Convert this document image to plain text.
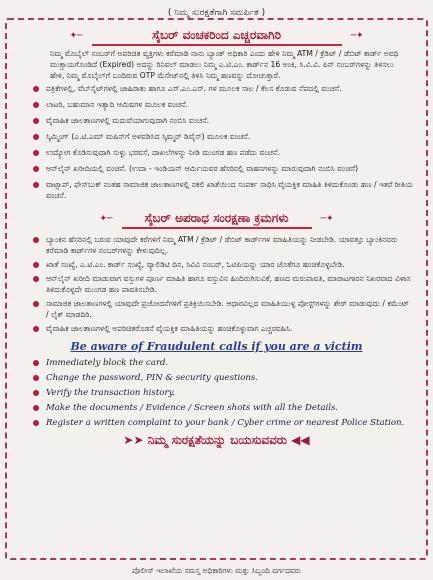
( ನಿಮ್ಮ ಸುರಕ್ಷತೆಗಾಗಿ ಸಮರ್ಪಿತ )
✦─	ಸೈಬರ್ ವಂಚಕರಿಂದ ಎಚ್ಚರವಾಗಿರಿ	─✦
ನಿಮ್ಮ ಮೊಬೈಲ್ ನಂಬರ್‌ಗೆ ಅಪರಿಚಿತ ವ್ಯಕ್ತಿಗಳು ಕರೆಮಾಡಿ ನಾನು ಬ್ಯಾಂಕ್ ಅಧಿಕಾರಿ ಎಂದು ಹೇಳಿ ನಿಮ್ಮ ATM / ಕ್ರೆಡಿಟ್ / ಡೆಬಿಟ್ ಕಾರ್ಡ್ ಅವಧಿ ಮುಕ್ತಾಯಗೊಂಡಿದೆ (Expired) ಅದನ್ನು ರಿನಿವಲ್ ಮಾಡಲು ನಿಮ್ಮ ಎ.ಟಿ.ಎಂ. ಕಾರ್ಡ್‌ನ 16 ಅಂಕಿ, ಸಿ.ವಿ.ವಿ. ಪಿನ್ ನಂಬರ್‌ಗಳನ್ನು ತಿಳಿಸಲು ಹೇಳಿ, ನಿಮ್ಮ ಮೊಬೈಲ್‌ಗೆ ಬಂದಿರುವ OTP ಮೆಸೇಜ್‌ನಲ್ಲಿ ತಿಳಿಸಿ ನಿಮ್ಮ ಹಣವನ್ನು ದೋಚುತ್ತಾರೆ.
ಪತ್ರಿಕೆಗಳಲ್ಲಿ, ವೆಬ್‌ಸೈಟ್‌ಗಳಲ್ಲಿ ಜಾಹಿರಾತು ಹಾಗೂ ಎಸ್.ಎಂ.ಎಸ್. ಗಳ ಮೂಲಕ ಸಾಲ / ಕೆಲಸ ಕೊಡುವ ನೆಪದಲ್ಲಿ ವಂಚನೆ.
ಲಾಟರಿ, ಬಹುಮಾನ ಇತ್ಯಾದಿ ಆಮಿಷಗಳ ಮೂಲಕ ವಂಚನೆ.
ವೈವಾಹಿಕ ಜಾಲತಾಣಗಳಲ್ಲಿ ಮದುವೆಯಾಗುವುದಾಗಿ ನಂಬಿಸಿ ವಂಚನೆ.
ಸ್ಕಿಮ್ಮಿಂಗ್ (ಎ.ಟಿ.ಎಮ್ ಮಷಿನ್‌ಗೆ ಅಳವಡಿಸಿದ ಸ್ಕಿಮ್ಮರ್ ಡಿವೈಸ್) ಮೂಲಕ ವಂಚನೆ.
ಉದ್ಯೋಗ ಕೊಡಿಸುವುದಾಗಿ ಸುಳ್ಳು ಭರವಸೆ, ದಾಖಲೆಗಳನ್ನು ನೀಡಿ ಮುಂಗಡ ಹಣ ಪಡೆದು ವಂಚನೆ.
ಆನ್‌ಲೈನ್ ಖರೀದಿಯಲ್ಲಿ ವಂಚನೆ. (ಉದಾ - ಇಂಡಿಯನ್ ಆರ್ಮಿಯವರ ಹೆಸರಿನಲ್ಲಿ ವಾಹನಗಳನ್ನು ಮಾರುವುದಾಗಿ ನಂಬಿಸಿ ವಂಚನೆ)
ವಾಟ್ಸಾಪ್, ಫೇಸ್‌ಬುಕ್ ನಂತಹ ಸಾಮಾಜಿಕ ಜಾಲತಾಣಗಳಲ್ಲಿ ನಕಲಿ ಖಾತೆಯಿಂದ ಸಂಪರ್ಕ ಸಾಧಿಸಿ ವೈಯಕ್ತಿಕ ಮಾಹಿತಿ ತಿಳಿದುಕೊಂಡು ಹಣ / ಇತರೆ ರೀತಿಯ ವಂಚನೆ.
✦─	ಸೈಬರ್ ಅಪರಾಧ ಸಂರಕ್ಷಣಾ ಕ್ರಮಗಳು	─✦
ಬ್ಯಾಂಕಿನ ಹೆಸರಿನಲ್ಲಿ ಬರುವ ಯಾವುದೇ ಕರೆಗಳಿಗೆ ನಿಮ್ಮ ATM / ಕ್ರೆಡಿಟ್ / ಡೆಬಿಟ್ ಕಾರ್ಡ್‌ಗಳ ಮಾಹಿತಿಯನ್ನು ನೀಡಬೇಡಿ. ಯಾವತ್ತೂ ಬ್ಯಾಂಕಿನವರು ಕರೆಮಾಡಿ ಕಾರ್ಡ್‌ಗಳ ನಂಬರ್‌ಗಳನ್ನು ಕೇಳುವುದಿಲ್ಲ.
ಖಾತೆ ಸಂಖ್ಯೆ, ಎ.ಟಿ.ಎಂ. ಕಾರ್ಡ್ ಸಂಖ್ಯೆ, ವ್ಯಾಲಿಡಿಟಿ ದಿನ, ಸಿವಿವಿ ನಂಬರ್, ಓಟಿಪಿಯನ್ನು ಯಾರ ಜೊತೆಗೂ ಹಂಚಿಕೊಳ್ಳಬೇಡಿ.
ಆನ್‌ಲೈನ್ ಖರೀದಿ ಮಾಡುವಾಗ ವಸ್ತುಗಳ ಪೂರ್ಣ ಮಾಹಿತಿ ಹಾಗೂ ವಸ್ತುವಿನ ಹಿಂದಿರುಗಿಸುವಿಕೆ, ಹಣದ ಮರುಪಾವತಿ, ಮಾರಾಟಗಾರನ ನಿಖರವಾದ ವಿಳಾಸ ತಿಳಿದುಕೊಳ್ಳದೇ ಮುಂಗಡ ಹಣ ಪಾವತಿಸಬೇಡಿ.
ಸಾಮಾಜಿಕ ಜಾಲತಾಣಗಳಲ್ಲಿ ಯಾವುದೇ ಪ್ರಚೋದನೆಗಳಿಗೆ ಪ್ರತಿಕ್ರಿಯಿಸಬೇಡಿ. ಆಧಾರವಿಲ್ಲದ ಮಾಹಿತಿಯುಳ್ಳ ಪೋಸ್ಟ್‌ಗಳನ್ನು ಶೇರ್ ಮಾಡುವುದು / ಕಮೆಂಟ್ / ಲೈಕ್ ಮಾಡದಿರಿ.
ವೈವಾಹಿಕ ಜಾಲತಾಣಗಳಲ್ಲಿ ಅಪರಿಚಿತರೊಡನೆ ವೈಯಕ್ತಿಕ ಮಾಹಿತಿಯನ್ನು ಹಂಚಿಕೊಳ್ಳುವಾಗ ಎಚ್ಚರವಹಿಸಿ.
Be aware of Fraudulent calls if you are a victim
Immediately block the card.
Change the password, PIN & security questions.
Verify the transaction history.
Make the documents / Evidence / Screen shots with all the Details.
Register a written complaint to your bank / Cyber crime or nearest Police Station.
➤➤ ನಿಮ್ಮ ಸುರಕ್ಷತೆಯನ್ನು ಬಯಸುವವರು ◀◀
ಪೊಲೀಸ್ ಇಲಾಖೆಯ ಸಮಸ್ತ ಅಧಿಕಾರಿಗಳು ಮತ್ತು ಸಿಬ್ಬಂದಿ ವರ್ಗದವರು
